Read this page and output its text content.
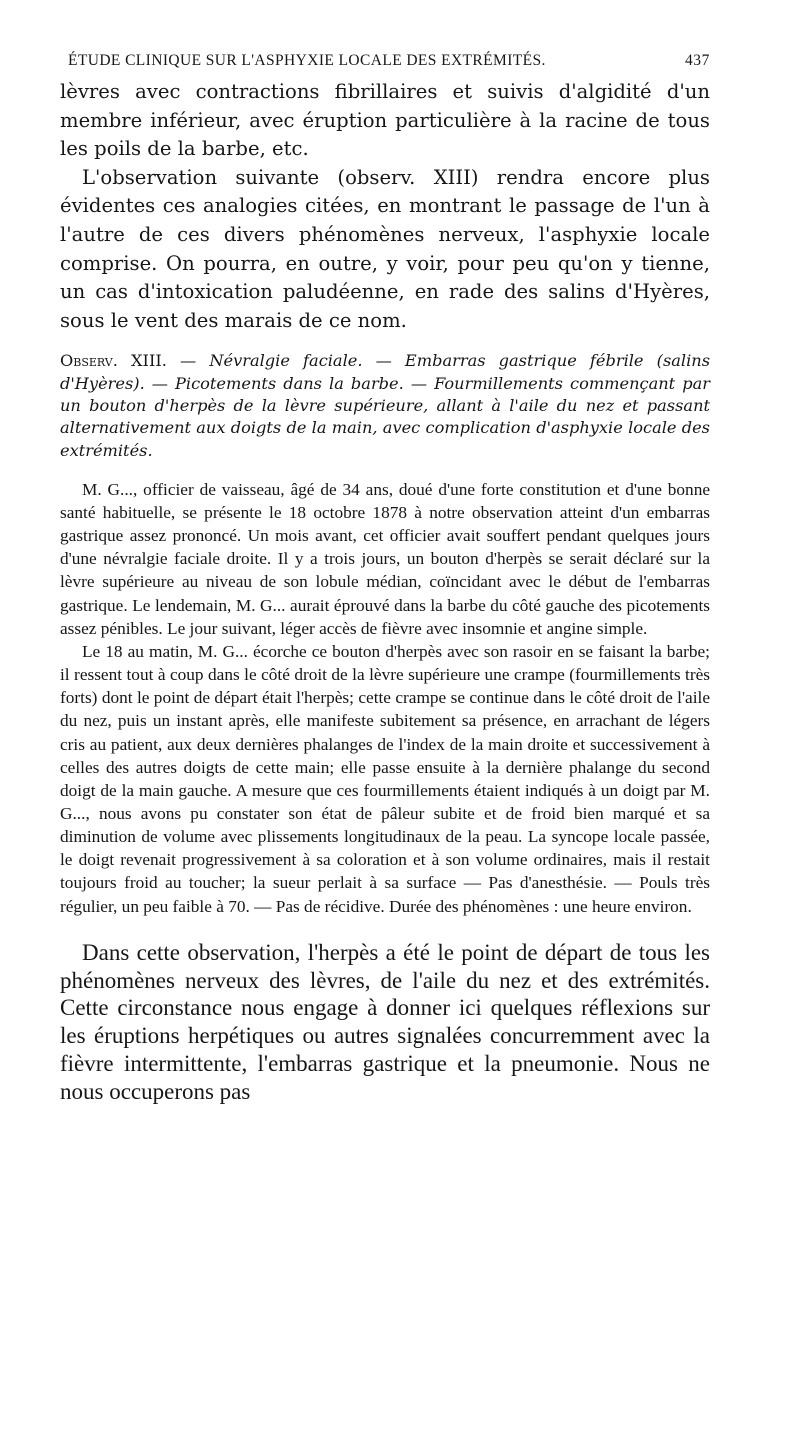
ÉTUDE CLINIQUE SUR L'ASPHYXIE LOCALE DES EXTRÉMITÉS.	437

lèvres avec contractions fibrillaires et suivis d'algidité d'un membre inférieur, avec éruption particulière à la racine de tous les poils de la barbe, etc.

L'observation suivante (observ. XIII) rendra encore plus évidentes ces analogies citées, en montrant le passage de l'un à l'autre de ces divers phénomènes nerveux, l'asphyxie locale comprise. On pourra, en outre, y voir, pour peu qu'on y tienne, un cas d'intoxication paludéenne, en rade des salins d'Hyères, sous le vent des marais de ce nom.

Observ. XIII. — Névralgie faciale. — Embarras gastrique fébrile (salins d'Hyères). — Picotements dans la barbe. — Fourmillements commençant par un bouton d'herpès de la lèvre supérieure, allant à l'aile du nez et passant alternativement aux doigts de la main, avec complication d'asphyxie locale des extrémités.

M. G..., officier de vaisseau, âgé de 34 ans, doué d'une forte constitution et d'une bonne santé habituelle, se présente le 18 octobre 1878 à notre observation atteint d'un embarras gastrique assez prononcé. Un mois avant, cet officier avait souffert pendant quelques jours d'une névralgie faciale droite. Il y a trois jours, un bouton d'herpès se serait déclaré sur la lèvre supérieure au niveau de son lobule médian, coïncidant avec le début de l'embarras gastrique. Le lendemain, M. G... aurait éprouvé dans la barbe du côté gauche des picotements assez pénibles. Le jour suivant, léger accès de fièvre avec insomnie et angine simple.

Le 18 au matin, M. G... écorche ce bouton d'herpès avec son rasoir en se faisant la barbe; il ressent tout à coup dans le côté droit de la lèvre supérieure une crampe (fourmillements très forts) dont le point de départ était l'herpès; cette crampe se continue dans le côté droit de l'aile du nez, puis un instant après, elle manifeste subitement sa présence, en arrachant de légers cris au patient, aux deux dernières phalanges de l'index de la main droite et successivement à celles des autres doigts de cette main; elle passe ensuite à la dernière phalange du second doigt de la main gauche. A mesure que ces fourmillements étaient indiqués à un doigt par M. G..., nous avons pu constater son état de pâleur subite et de froid bien marqué et sa diminution de volume avec plissements longitudinaux de la peau. La syncope locale passée, le doigt revenait progressivement à sa coloration et à son volume ordinaires, mais il restait toujours froid au toucher; la sueur perlait à sa surface — Pas d'anesthésie. — Pouls très régulier, un peu faible à 70. — Pas de récidive. Durée des phénomènes : une heure environ.

Dans cette observation, l'herpès a été le point de départ de tous les phénomènes nerveux des lèvres, de l'aile du nez et des extrémités. Cette circonstance nous engage à donner ici quelques réflexions sur les éruptions herpétiques ou autres signalées concurremment avec la fièvre intermittente, l'embarras gastrique et la pneumonie. Nous ne nous occuperons pas
